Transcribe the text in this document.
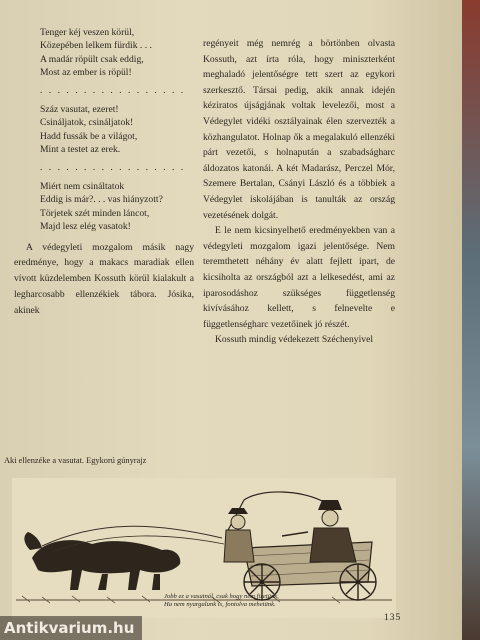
Tenger kéj veszen körül,
Közepében lelkem fürdik . . .
A madár röpült csak eddig,
Most az ember is röpül!
. . . . . . . . . . . . . . . . .
Száz vasutat, ezeret!
Csináljatok, csináljatok!
Hadd fussák be a világot,
Mint a testet az erek.
. . . . . . . . . . . . . . . . .
Miért nem csináltatok
Eddig is már?. . . vas hiányzott?
Törjetek szét minden láncot,
Majd lesz elég vasatok!

A védegyleti mozgalom másik nagy eredménye, hogy a makacs maradiak ellen vívott küzdelemben Kossuth körül kialakult a legharcosabb ellenzékiek tábora. Jósika, akinek

regényeit még nemrég a börtönben olvasta Kossuth, azt írta róla, hogy miniszterként meghaladó jelentőségre tett szert az egykori szerkesztő. Társai pedig, akik annak idején kéziratos újságjának voltak levelezői, most a Védegylet vidéki osztályainak élen szervezték a közhangulatot. Holnap ők a megalakuló ellenzéki párt vezetői, s holnapután a szabadságharc áldozatos katonái. A két Madarász, Perczel Mór, Szemere Bertalan, Csányi László és a többiek a Védegylet iskolájában is tanulták az ország vezetésének dolgát.

E le nem kicsinyelhető eredményekben van a védegyleti mozgalom igazi jelentősége. Nem teremthetett néhány év alatt fejlett ipart, de kicsiholta az országból azt a lelkesedést, ami az iparosodáshoz szükséges függetlenség kivívásához kellett, s felnevelte e függetlenségharc vezetőinek jó részét.

Kossuth mindig védekezett Széchenyivel

Aki ellenzéke a vasutat. Egykorú gúnyrajz
Jobb ez a vasutnál, csak hogy nem fizetünk,
Ha nem nyargalunk is, fontolva mehetünk.
135
Antikvarium.hu
